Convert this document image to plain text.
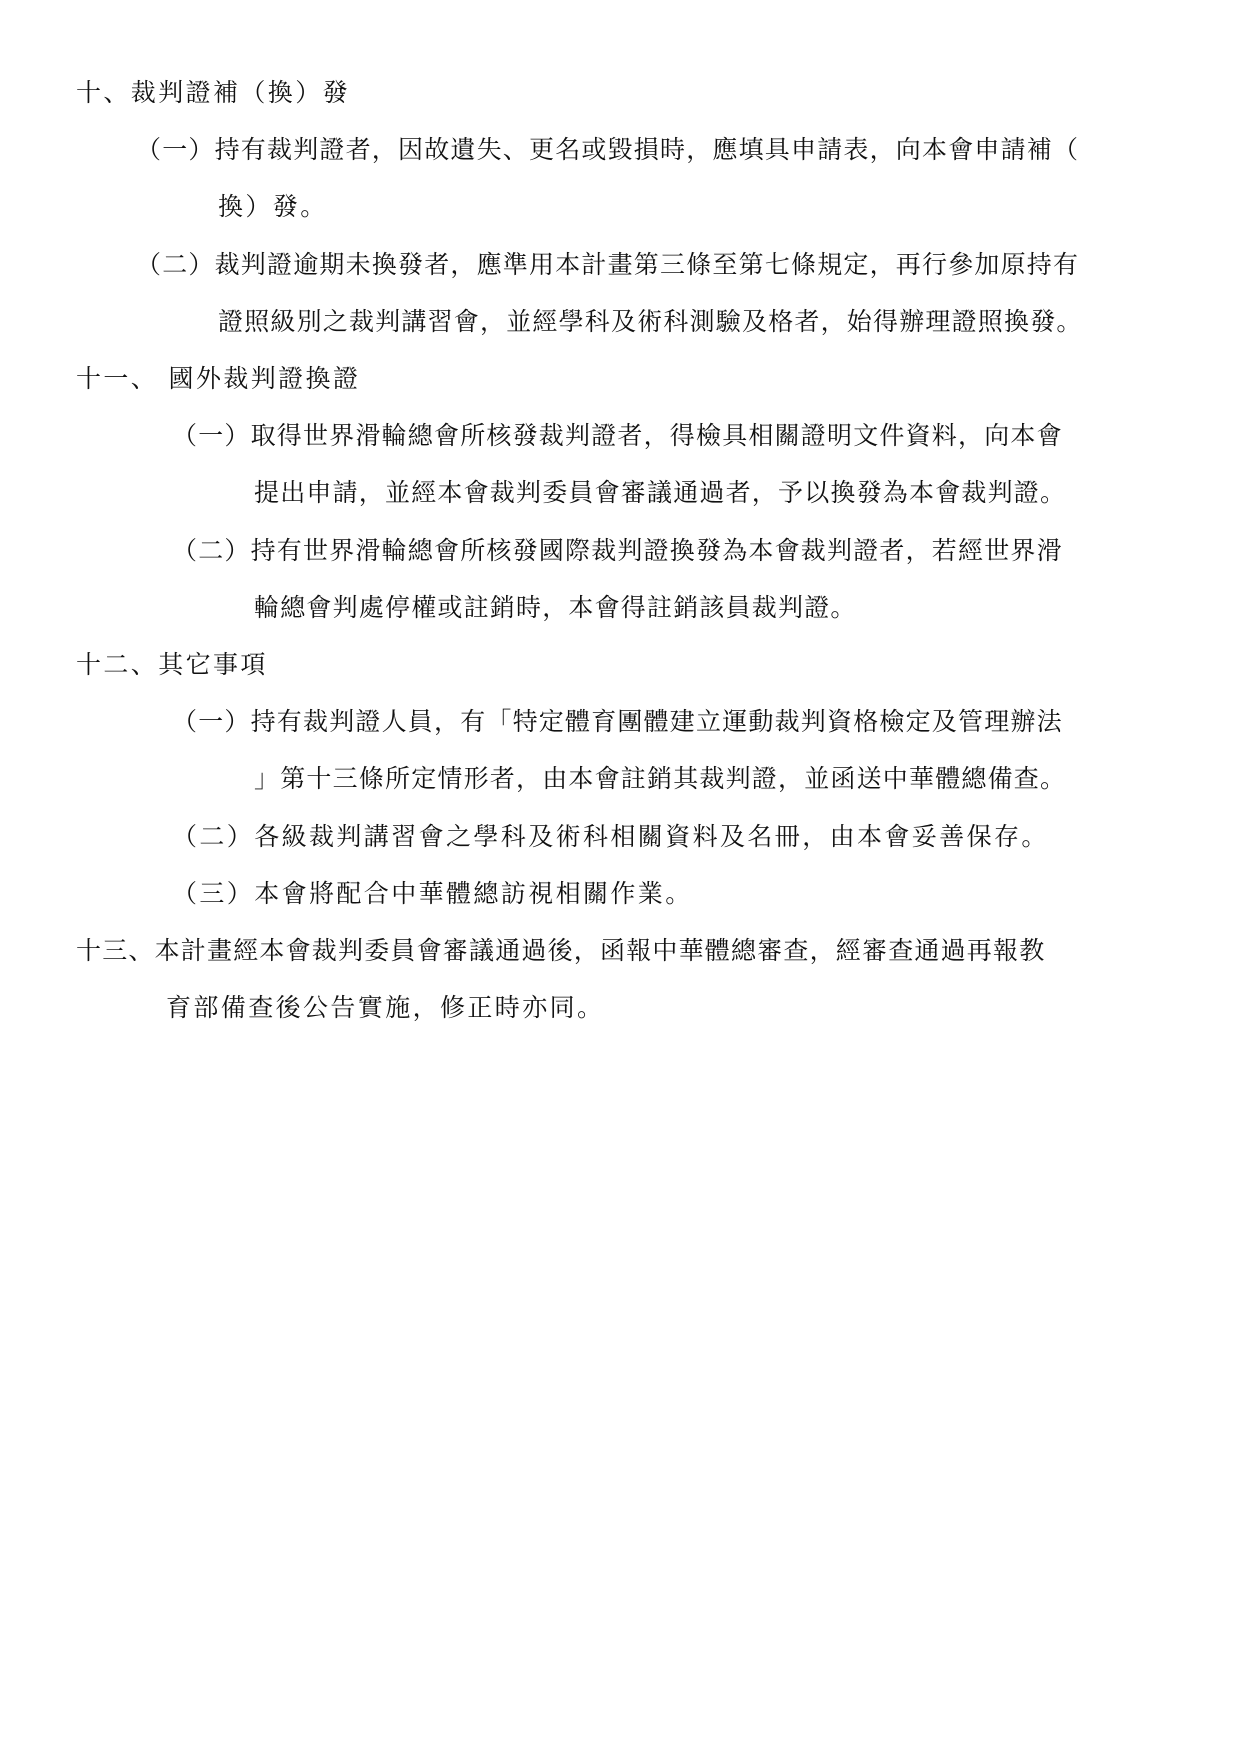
十、裁判證補（換）發
（一）持有裁判證者，因故遺失、更名或毀損時，應填具申請表，向本會申請補（
換）發。
（二）裁判證逾期未換發者，應準用本計畫第三條至第七條規定，再行參加原持有
證照級別之裁判講習會，並經學科及術科測驗及格者，始得辦理證照換發。
十一、 國外裁判證換證
（一）取得世界滑輪總會所核發裁判證者，得檢具相關證明文件資料，向本會
提出申請，並經本會裁判委員會審議通過者，予以換發為本會裁判證。
（二）持有世界滑輪總會所核發國際裁判證換發為本會裁判證者，若經世界滑
輪總會判處停權或註銷時，本會得註銷該員裁判證。
十二、其它事項
（一）持有裁判證人員，有「特定體育團體建立運動裁判資格檢定及管理辦法
」第十三條所定情形者，由本會註銷其裁判證，並函送中華體總備查。
（二）各級裁判講習會之學科及術科相關資料及名冊，由本會妥善保存。
（三）本會將配合中華體總訪視相關作業。
十三、本計畫經本會裁判委員會審議通過後，函報中華體總審查，經審查通過再報教
育部備查後公告實施，修正時亦同。
